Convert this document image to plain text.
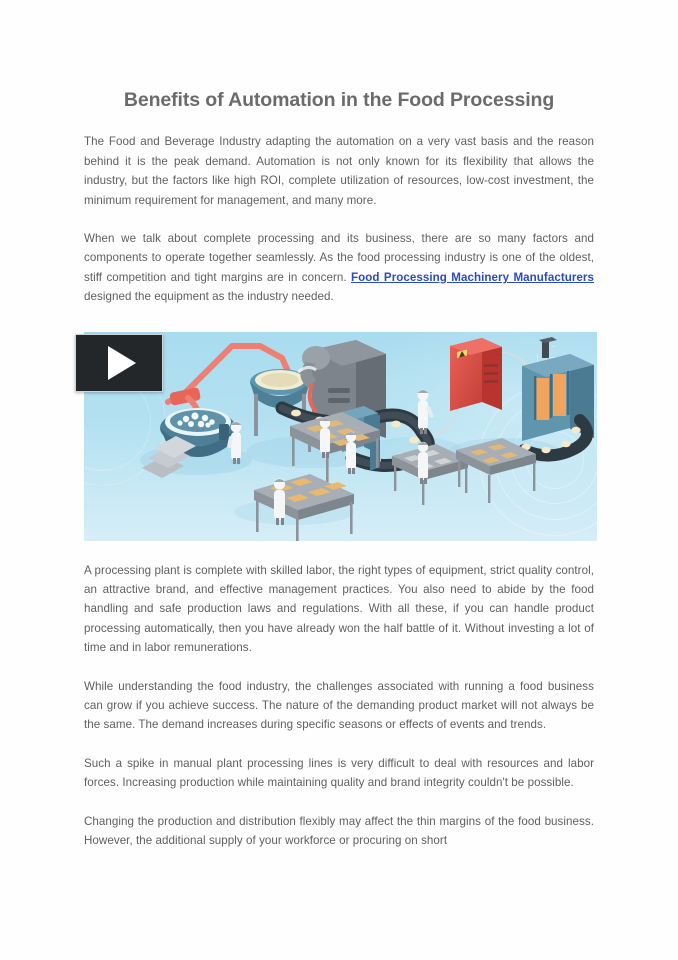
Benefits of Automation in the Food Processing

The Food and Beverage Industry adapting the automation on a very vast basis and the reason behind it is the peak demand. Automation is not only known for its flexibility that allows the industry, but the factors like high ROI, complete utilization of resources, low-cost investment, the minimum requirement for management, and many more.

When we talk about complete processing and its business, there are so many factors and components to operate together seamlessly. As the food processing industry is one of the oldest, stiff competition and tight margins are in concern. Food Processing Machinery Manufacturers designed the equipment as the industry needed.

A processing plant is complete with skilled labor, the right types of equipment, strict quality control, an attractive brand, and effective management practices. You also need to abide by the food handling and safe production laws and regulations. With all these, if you can handle product processing automatically, then you have already won the half battle of it. Without investing a lot of time and in labor remunerations.

While understanding the food industry, the challenges associated with running a food business can grow if you achieve success. The nature of the demanding product market will not always be the same. The demand increases during specific seasons or effects of events and trends.

Such a spike in manual plant processing lines is very difficult to deal with resources and labor forces. Increasing production while maintaining quality and brand integrity couldn't be possible.

Changing the production and distribution flexibly may affect the thin margins of the food business. However, the additional supply of your workforce or procuring on short
